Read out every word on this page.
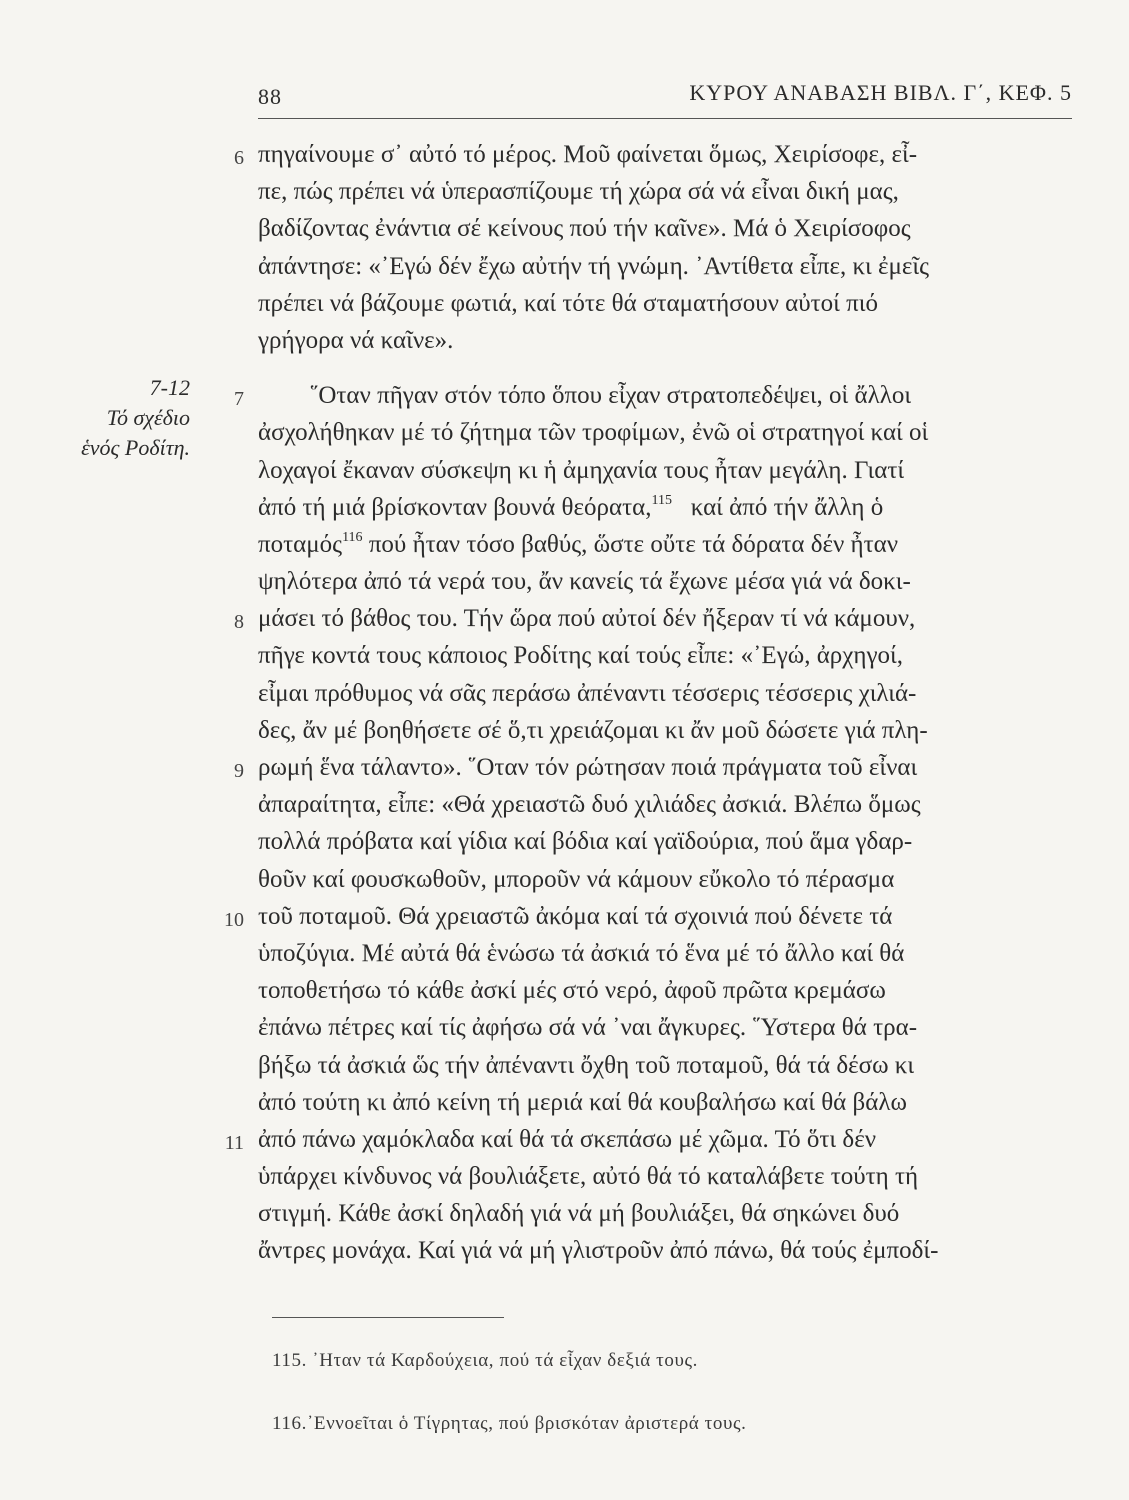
88	ΚΥΡΟΥ ΑΝΑΒΑΣΗ ΒΙΒΛ. Γ΄, ΚΕΦ. 5
7-12
Τό σχέδιο
ἑνός Ροδίτη.
6 πηγαίνουμε σ᾿ αὐτό τό μέρος. Μοῦ φαίνεται ὅμως, Χειρίσοφε, εἶ-
πε, πώς πρέπει νά ὑπερασπίζουμε τή χώρα σά νά εἶναι δική μας,
βαδίζοντας ἐνάντια σέ κείνους πού τήν καῖνε». Μά ὁ Χειρίσοφος
ἀπάντησε: «᾿Εγώ δέν ἔχω αὐτήν τή γνώμη. ᾿Αντίθετα εἶπε, κι ἐμεῖς
πρέπει νά βάζουμε φωτιά, καί τότε θά σταματήσουν αὐτοί πιό
γρήγορα νά καῖνε».
7	῞Οταν πῆγαν στόν τόπο ὅπου εἶχαν στρατοπεδέψει, οἱ ἄλλοι
ἀσχολήθηκαν μέ τό ζήτημα τῶν τροφίμων, ἐνῶ οἱ στρατηγοί καί οἱ
λοχαγοί ἔκαναν σύσκεψη κι ἡ ἀμηχανία τους ἦταν μεγάλη. Γιατί
ἀπό τή μιά βρίσκονταν βουνά θεόρατα,$^{115}$ καί ἀπό τήν ἄλλη ὁ
ποταμός$^{116}$ πού ἦταν τόσο βαθύς, ὥστε οὔτε τά δόρατα δέν ἦταν
ψηλότερα ἀπό τά νερά του, ἄν κανείς τά ἔχωνε μέσα γιά νά δοκι-
8 μάσει τό βάθος του. Τήν ὥρα πού αὐτοί δέν ἤξεραν τί νά κάμουν,
πῆγε κοντά τους κάποιος Ροδίτης καί τούς εἶπε: «᾿Εγώ, ἀρχηγοί,
εἶμαι πρόθυμος νά σᾶς περάσω ἀπέναντι τέσσερις τέσσερις χιλιά-
δες, ἄν μέ βοηθήσετε σέ ὅ,τι χρειάζομαι κι ἄν μοῦ δώσετε γιά πλη-
9 ρωμή ἕνα τάλαντο». ῞Οταν τόν ρώτησαν ποιά πράγματα τοῦ εἶναι
ἀπαραίτητα, εἶπε: «Θά χρειαστῶ δυό χιλιάδες ἀσκιά. Βλέπω ὅμως
πολλά πρόβατα καί γίδια καί βόδια καί γαϊδούρια, πού ἅμα γδαρ-
θοῦν καί φουσκωθοῦν, μποροῦν νά κάμουν εὔκολο τό πέρασμα
10 τοῦ ποταμοῦ. Θά χρειαστῶ ἀκόμα καί τά σχοινιά πού δένετε τά
ὑποζύγια. Μέ αὐτά θά ἑνώσω τά ἀσκιά τό ἕνα μέ τό ἄλλο καί θά
τοποθετήσω τό κάθε ἀσκί μές στό νερό, ἀφοῦ πρῶτα κρεμάσω
ἐπάνω πέτρες καί τίς ἀφήσω σά νά ᾿ναι ἄγκυρες. ῞Υστερα θά τρα-
βήξω τά ἀσκιά ὥς τήν ἀπέναντι ὄχθη τοῦ ποταμοῦ, θά τά δέσω κι
ἀπό τούτη κι ἀπό κείνη τή μεριά καί θά κουβαλήσω καί θά βάλω
11 ἀπό πάνω χαμόκλαδα καί θά τά σκεπάσω μέ χῶμα. Τό ὅτι δέν
ὑπάρχει κίνδυνος νά βουλιάξετε, αὐτό θά τό καταλάβετε τούτη τή
στιγμή. Κάθε ἀσκί δηλαδή γιά νά μή βουλιάξει, θά σηκώνει δυό
ἄντρες μονάχα. Καί γιά νά μή γλιστροῦν ἀπό πάνω, θά τούς ἐμποδί-
115. ᾿Ηταν τά Καρδούχεια, πού τά εἶχαν δεξιά τους.
116.᾿Εννοεῖται ὁ Τίγρητας, πού βρισκόταν ἀριστερά τους.
